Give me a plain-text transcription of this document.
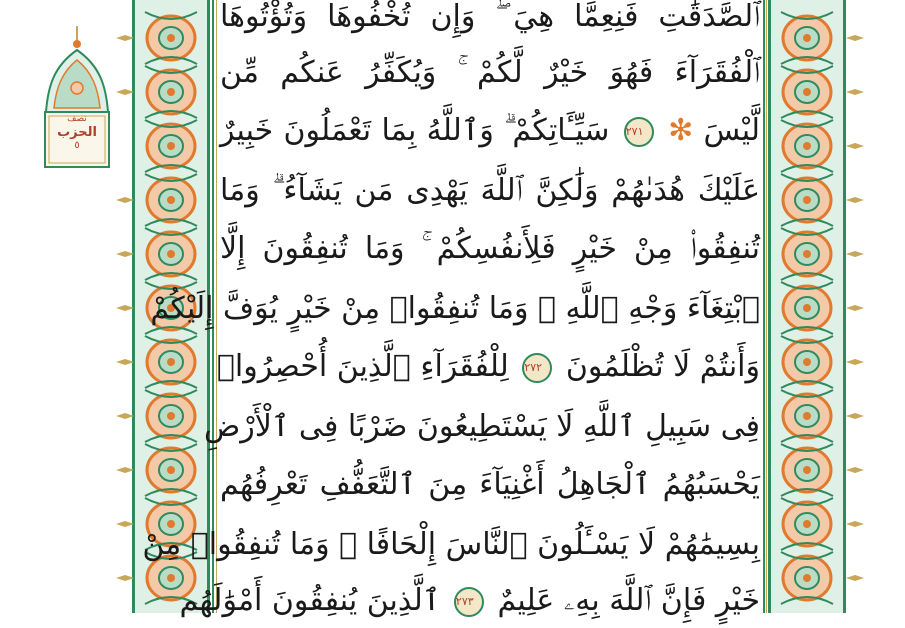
نصف
الحزب
٥
ٱلصَّدَقَٰتِ فَنِعِمَّا هِيَ ۖ وَإِن تُخْفُوهَا وَتُؤْتُوهَا
ٱلْفُقَرَآءَ فَهُوَ خَيْرٌ لَّكُمْ ۚ وَيُكَفِّرُ عَنكُم مِّن
لَّيْسَ ✻ ٢٧١ سَيِّـَٔاتِكُمْ ۗ وَٱللَّهُ بِمَا تَعْمَلُونَ خَبِيرٌ
عَلَيْكَ هُدَىٰهُمْ وَلَٰكِنَّ ٱللَّهَ يَهْدِى مَن يَشَآءُ ۗ وَمَا
تُنفِقُوا۟ مِنْ خَيْرٍ فَلِأَنفُسِكُمْ ۚ وَمَا تُنفِقُونَ إِلَّا
ٱبْتِغَآءَ وَجْهِ ٱللَّهِ ۚ وَمَا تُنفِقُوا۟ مِنْ خَيْرٍ يُوَفَّ إِلَيْكُمْ
وَأَنتُمْ لَا تُظْلَمُونَ ٢٧٢ لِلْفُقَرَآءِ ٱلَّذِينَ أُحْصِرُوا۟
فِى سَبِيلِ ٱللَّهِ لَا يَسْتَطِيعُونَ ضَرْبًا فِى ٱلْأَرْضِ
يَحْسَبُهُمُ ٱلْجَاهِلُ أَغْنِيَآءَ مِنَ ٱلتَّعَفُّفِ تَعْرِفُهُم
بِسِيمَٰهُمْ لَا يَسْـَٔلُونَ ٱلنَّاسَ إِلْحَافًا ۗ وَمَا تُنفِقُوا۟ مِنْ
خَيْرٍ فَإِنَّ ٱللَّهَ بِهِۦ عَلِيمٌ ٢٧٣ ٱلَّذِينَ يُنفِقُونَ أَمْوَٰلَهُم
